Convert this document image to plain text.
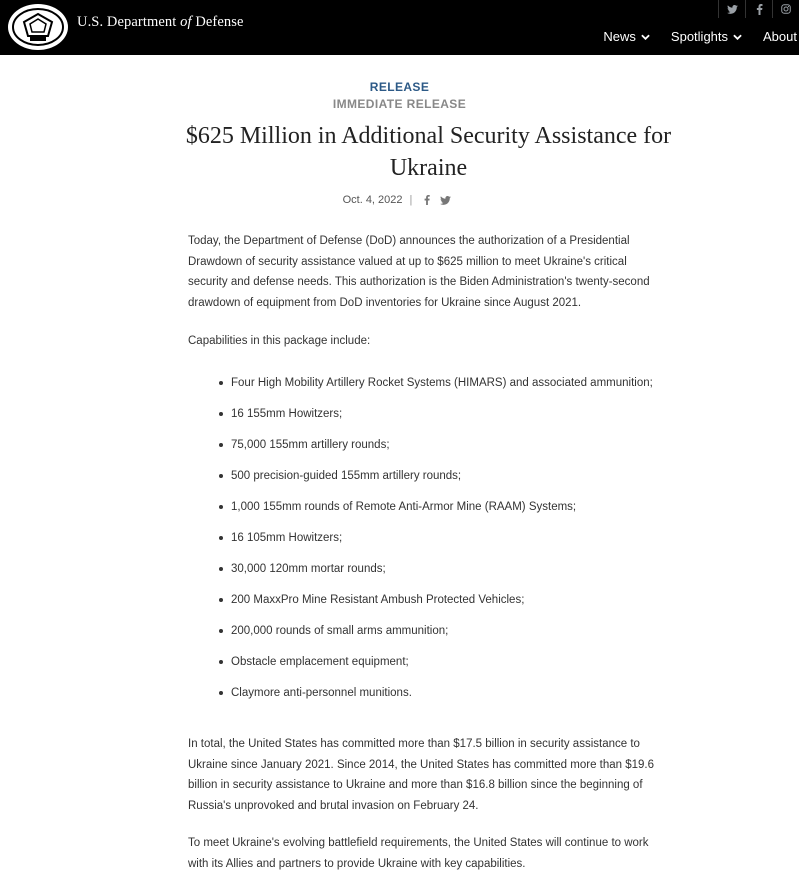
U.S. Department of Defense
News	Spotlights	About
RELEASE
IMMEDIATE RELEASE
$625 Million in Additional Security Assistance for Ukraine
Oct. 4, 2022 |
Today, the Department of Defense (DoD) announces the authorization of a Presidential Drawdown of security assistance valued at up to $625 million to meet Ukraine's critical security and defense needs. This authorization is the Biden Administration's twenty-second drawdown of equipment from DoD inventories for Ukraine since August 2021.
Capabilities in this package include:
Four High Mobility Artillery Rocket Systems (HIMARS) and associated ammunition;
16 155mm Howitzers;
75,000 155mm artillery rounds;
500 precision-guided 155mm artillery rounds;
1,000 155mm rounds of Remote Anti-Armor Mine (RAAM) Systems;
16 105mm Howitzers;
30,000 120mm mortar rounds;
200 MaxxPro Mine Resistant Ambush Protected Vehicles;
200,000 rounds of small arms ammunition;
Obstacle emplacement equipment;
Claymore anti-personnel munitions.
In total, the United States has committed more than $17.5 billion in security assistance to Ukraine since January 2021. Since 2014, the United States has committed more than $19.6 billion in security assistance to Ukraine and more than $16.8 billion since the beginning of Russia's unprovoked and brutal invasion on February 24.
To meet Ukraine's evolving battlefield requirements, the United States will continue to work with its Allies and partners to provide Ukraine with key capabilities.
